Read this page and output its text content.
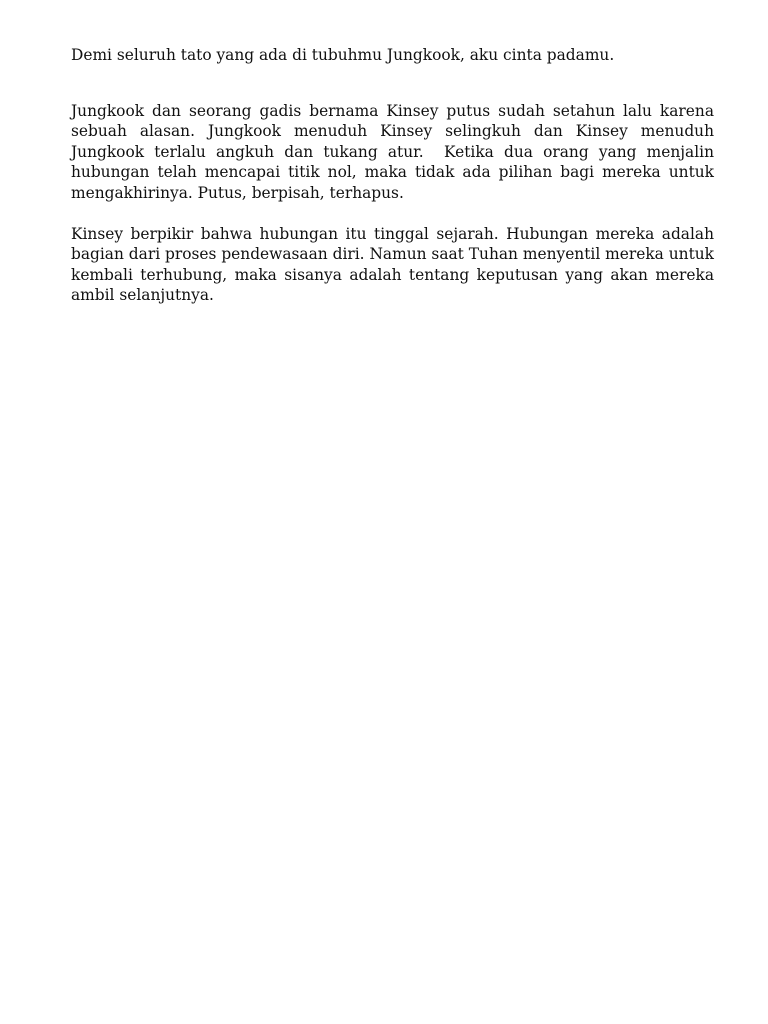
Demi seluruh tato yang ada di tubuhmu Jungkook, aku cinta padamu.

Jungkook dan seorang gadis bernama Kinsey putus sudah setahun lalu karena sebuah alasan. Jungkook menuduh Kinsey selingkuh dan Kinsey menuduh Jungkook terlalu angkuh dan tukang atur.  Ketika dua orang yang menjalin hubungan telah mencapai titik nol, maka tidak ada pilihan bagi mereka untuk mengakhirinya. Putus, berpisah, terhapus.

Kinsey berpikir bahwa hubungan itu tinggal sejarah. Hubungan mereka adalah bagian dari proses pendewasaan diri. Namun saat Tuhan menyentil mereka untuk kembali terhubung, maka sisanya adalah tentang keputusan yang akan mereka ambil selanjutnya.
